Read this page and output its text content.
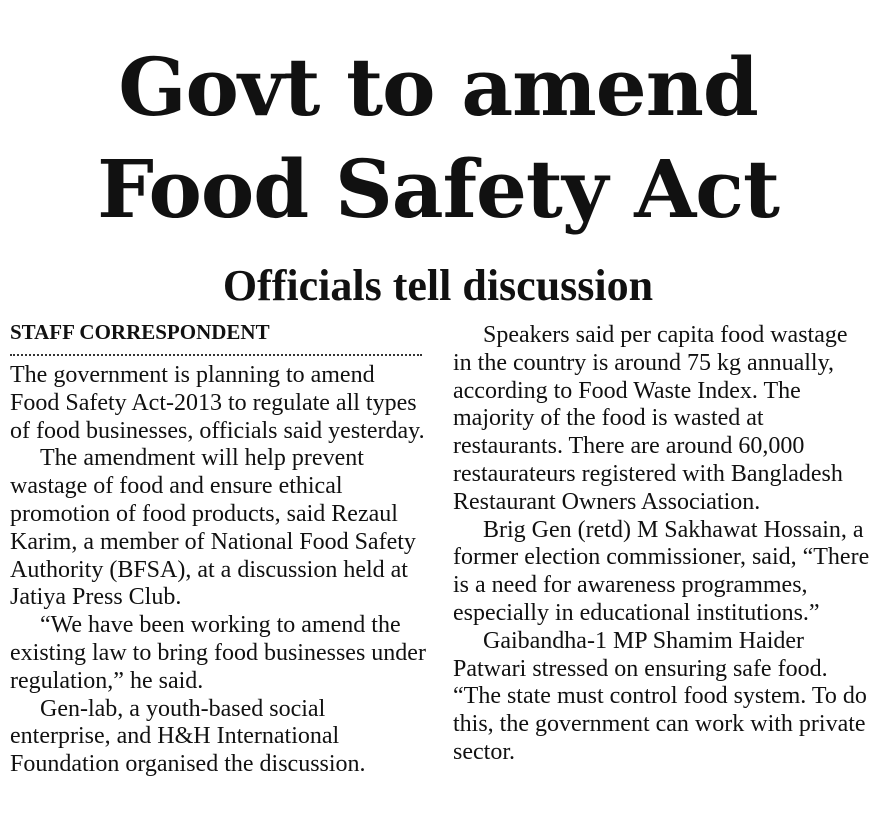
Govt to amend
Food Safety Act
Officials tell discussion
STAFF CORRESPONDENT

The government is planning to amend Food Safety Act-2013 to regulate all types of food businesses, officials said yesterday.

The amendment will help prevent wastage of food and ensure ethical promotion of food products, said Rezaul Karim, a member of National Food Safety Authority (BFSA), at a discussion held at Jatiya Press Club.

“We have been working to amend the existing law to bring food businesses under regulation,” he said.

Gen-lab, a youth-based social enterprise, and H&H International Foundation organised the discussion.

Speakers said per capita food wastage in the country is around 75 kg annually, according to Food Waste Index. The majority of the food is wasted at restaurants. There are around 60,000 restaurateurs registered with Bangladesh Restaurant Owners Association.

Brig Gen (retd) M Sakhawat Hossain, a former election commissioner, said, “There is a need for awareness programmes, especially in educational institutions.”

Gaibandha-1 MP Shamim Haider Patwari stressed on ensuring safe food. “The state must control food system. To do this, the government can work with private sector.
